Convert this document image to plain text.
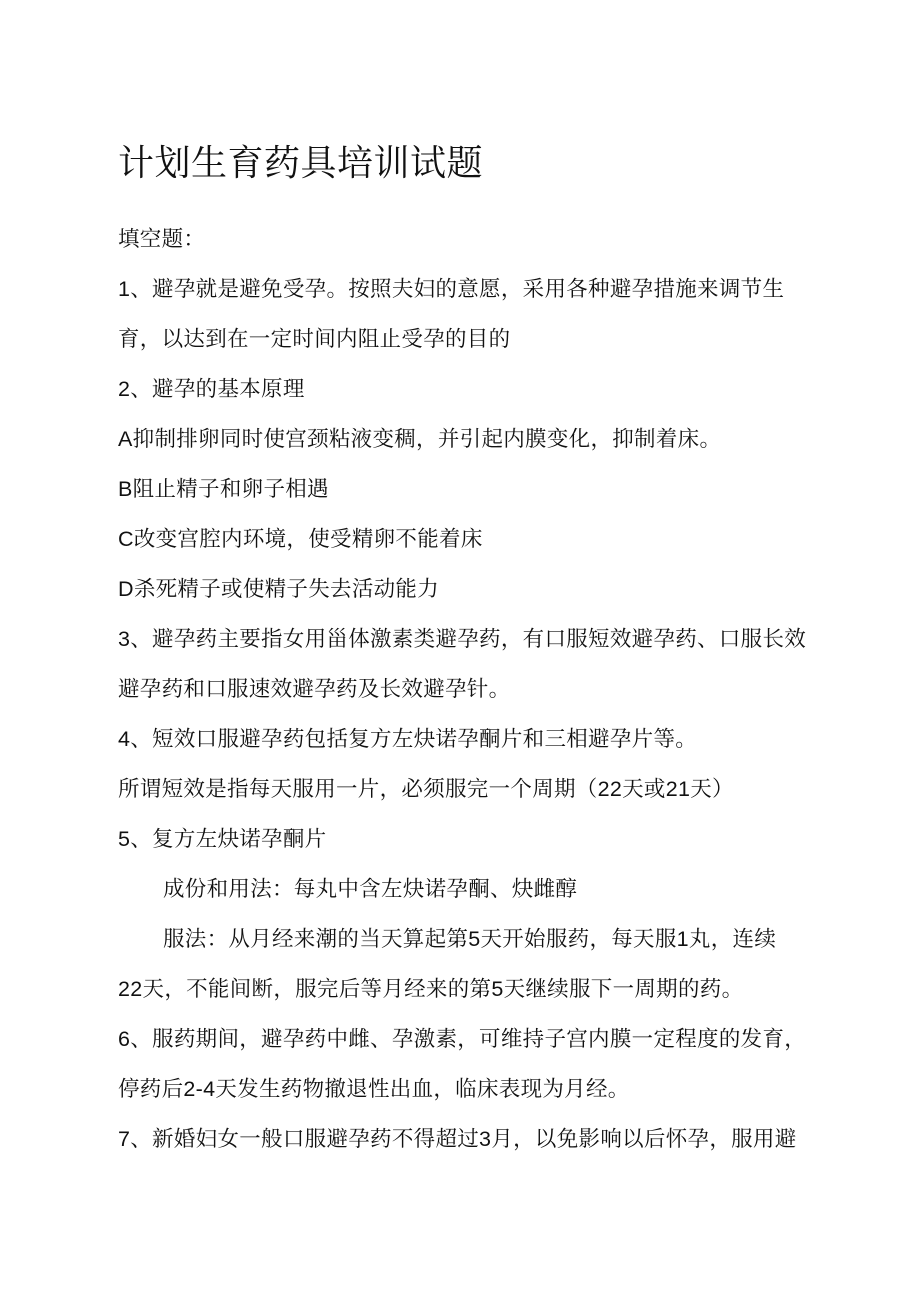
计划生育药具培训试题
填空题：
1、避孕就是避免受孕。按照夫妇的意愿，采用各种避孕措施来调节生
育，以达到在一定时间内阻止受孕的目的
2、避孕的基本原理
A抑制排卵同时使宫颈粘液变稠，并引起内膜变化，抑制着床。
B阻止精子和卵子相遇
C改变宫腔内环境，使受精卵不能着床
D杀死精子或使精子失去活动能力
3、避孕药主要指女用甾体激素类避孕药，有口服短效避孕药、口服长效
避孕药和口服速效避孕药及长效避孕针。
4、短效口服避孕药包括复方左炔诺孕酮片和三相避孕片等。
所谓短效是指每天服用一片，必须服完一个周期（22天或21天）
5、复方左炔诺孕酮片
成份和用法：每丸中含左炔诺孕酮、炔雌醇
服法：从月经来潮的当天算起第5天开始服药，每天服1丸，连续
22天，不能间断，服完后等月经来的第5天继续服下一周期的药。
6、服药期间，避孕药中雌、孕激素，可维持子宫内膜一定程度的发育，
停药后2-4天发生药物撤退性出血，临床表现为月经。
7、新婚妇女一般口服避孕药不得超过3月，以免影响以后怀孕，服用避
